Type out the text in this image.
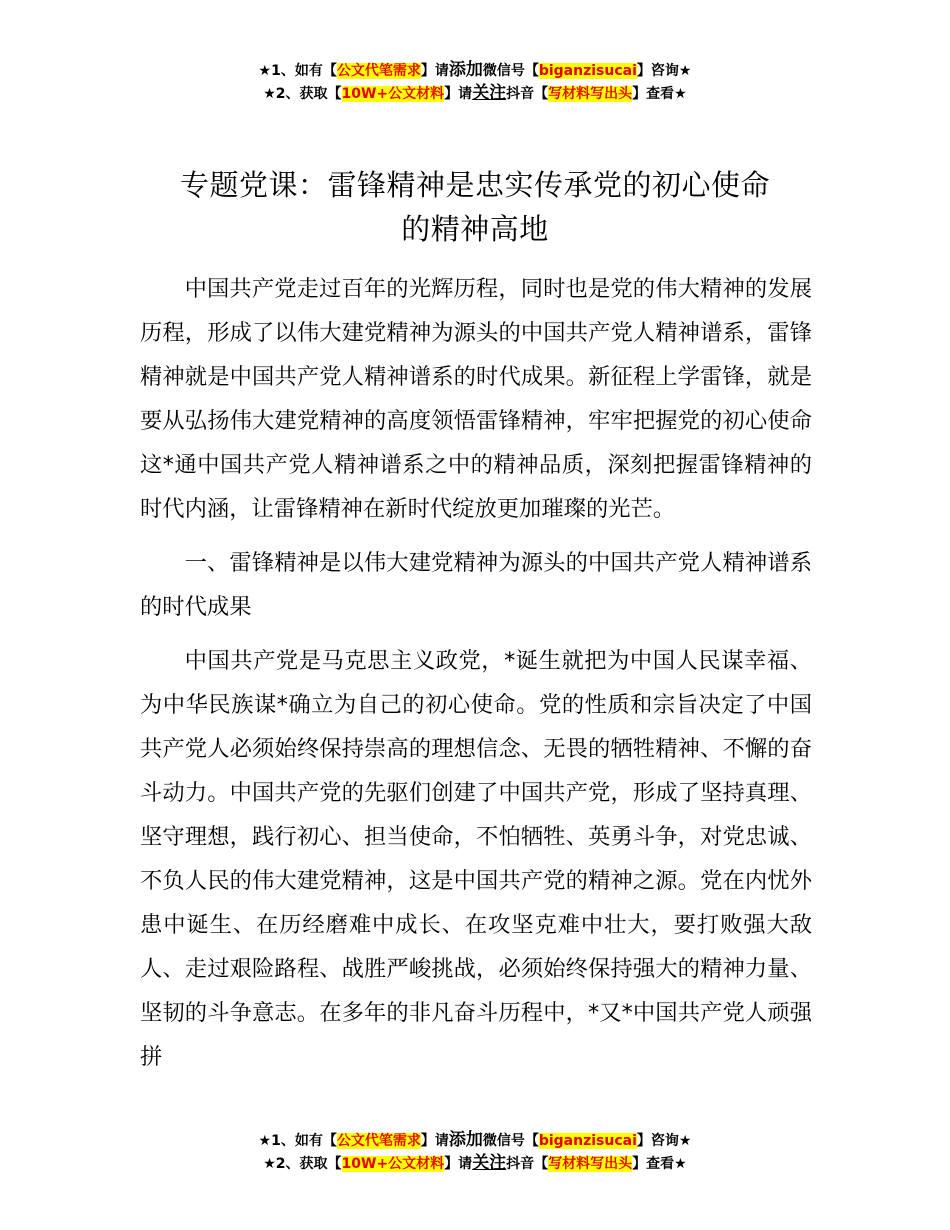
★1、如有【公文代笔需求】请添加微信号【biganzisucai】咨询★
★2、获取【10W+公文材料】请关注抖音【写材料写出头】查看★
专题党课：雷锋精神是忠实传承党的初心使命
的精神高地

中国共产党走过百年的光辉历程，同时也是党的伟大精神的发展历程，形成了以伟大建党精神为源头的中国共产党人精神谱系，雷锋精神就是中国共产党人精神谱系的时代成果。新征程上学雷锋，就是要从弘扬伟大建党精神的高度领悟雷锋精神，牢牢把握党的初心使命这*通中国共产党人精神谱系之中的精神品质，深刻把握雷锋精神的时代内涵，让雷锋精神在新时代绽放更加璀璨的光芒。

一、雷锋精神是以伟大建党精神为源头的中国共产党人精神谱系的时代成果

中国共产党是马克思主义政党，*诞生就把为中国人民谋幸福、为中华民族谋*确立为自己的初心使命。党的性质和宗旨决定了中国共产党人必须始终保持崇高的理想信念、无畏的牺牲精神、不懈的奋斗动力。中国共产党的先驱们创建了中国共产党，形成了坚持真理、坚守理想，践行初心、担当使命，不怕牺牲、英勇斗争，对党忠诚、不负人民的伟大建党精神，这是中国共产党的精神之源。党在内忧外患中诞生、在历经磨难中成长、在攻坚克难中壮大，要打败强大敌人、走过艰险路程、战胜严峻挑战，必须始终保持强大的精神力量、坚韧的斗争意志。在多年的非凡奋斗历程中，*又*中国共产党人顽强拼

★1、如有【公文代笔需求】请添加微信号【biganzisucai】咨询★
★2、获取【10W+公文材料】请关注抖音【写材料写出头】查看★
